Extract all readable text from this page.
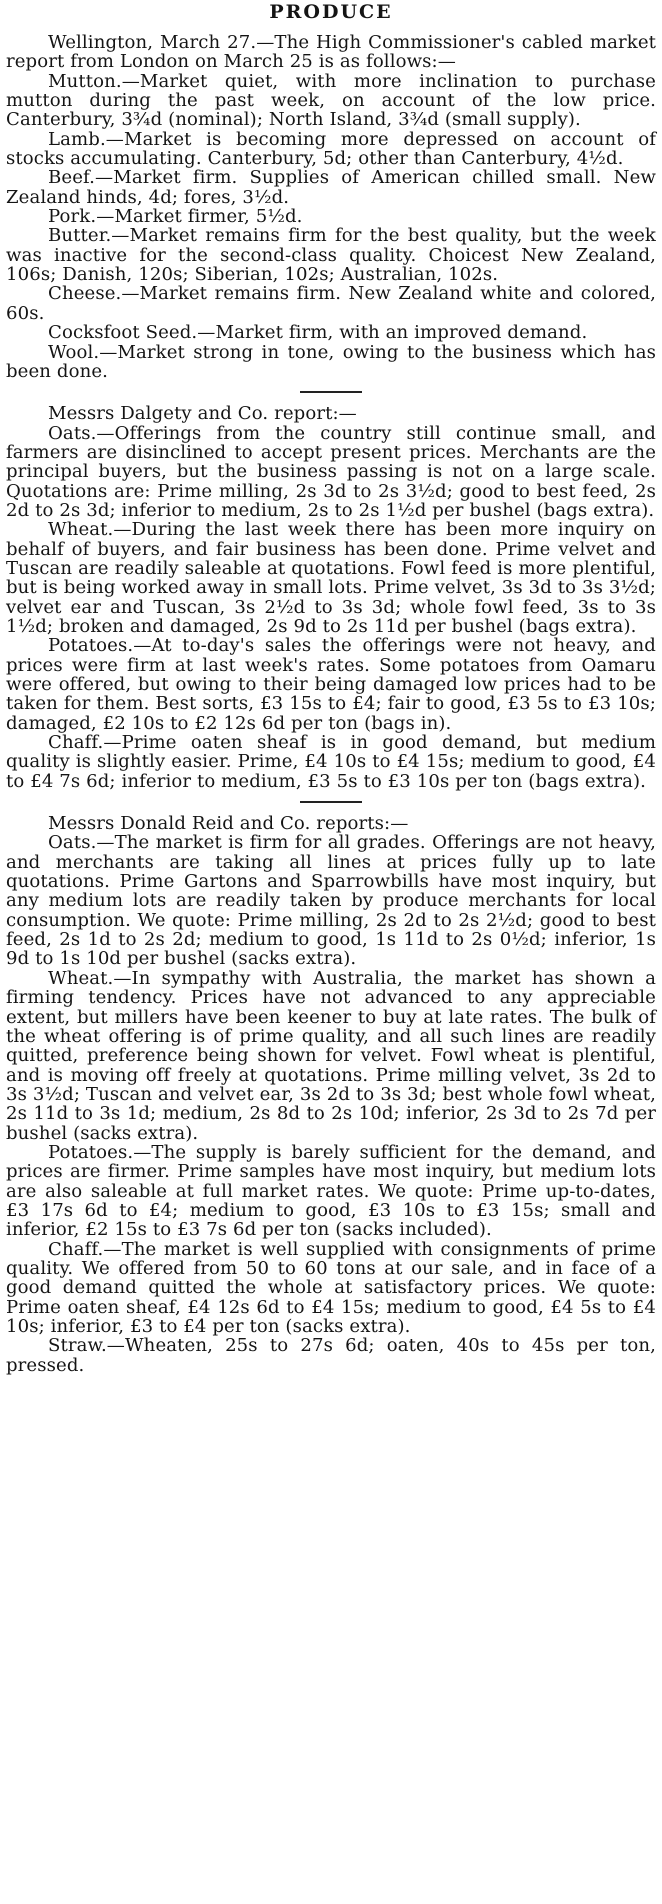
PRODUCE

Wellington, March 27.—The High Commissioner's cabled market report from London on March 25 is as follows:—

Mutton.—Market quiet, with more inclination to purchase mutton during the past week, on account of the low price. Canterbury, 3¾d (nominal); North Island, 3¾d (small supply).

Lamb.—Market is becoming more depressed on account of stocks accumulating. Canterbury, 5d; other than Canterbury, 4½d.

Beef.—Market firm. Supplies of American chilled small. New Zealand hinds, 4d; fores, 3½d.

Pork.—Market firmer, 5½d.

Butter.—Market remains firm for the best quality, but the week was inactive for the second-class quality. Choicest New Zealand, 106s; Danish, 120s; Siberian, 102s; Australian, 102s.

Cheese.—Market remains firm. New Zealand white and colored, 60s.

Cocksfoot Seed.—Market firm, with an improved demand.

Wool.—Market strong in tone, owing to the business which has been done.

Messrs Dalgety and Co. report:—

Oats.—Offerings from the country still continue small, and farmers are disinclined to accept present prices. Merchants are the principal buyers, but the business passing is not on a large scale. Quotations are: Prime milling, 2s 3d to 2s 3½d; good to best feed, 2s 2d to 2s 3d; inferior to medium, 2s to 2s 1½d per bushel (bags extra).

Wheat.—During the last week there has been more inquiry on behalf of buyers, and fair business has been done. Prime velvet and Tuscan are readily saleable at quotations. Fowl feed is more plentiful, but is being worked away in small lots. Prime velvet, 3s 3d to 3s 3½d; velvet ear and Tuscan, 3s 2½d to 3s 3d; whole fowl feed, 3s to 3s 1½d; broken and damaged, 2s 9d to 2s 11d per bushel (bags extra).

Potatoes.—At to-day's sales the offerings were not heavy, and prices were firm at last week's rates. Some potatoes from Oamaru were offered, but owing to their being damaged low prices had to be taken for them. Best sorts, £3 15s to £4; fair to good, £3 5s to £3 10s; damaged, £2 10s to £2 12s 6d per ton (bags in).

Chaff.—Prime oaten sheaf is in good demand, but medium quality is slightly easier. Prime, £4 10s to £4 15s; medium to good, £4 to £4 7s 6d; inferior to medium, £3 5s to £3 10s per ton (bags extra).

Messrs Donald Reid and Co. reports:—

Oats.—The market is firm for all grades. Offerings are not heavy, and merchants are taking all lines at prices fully up to late quotations. Prime Gartons and Sparrowbills have most inquiry, but any medium lots are readily taken by produce merchants for local consumption. We quote: Prime milling, 2s 2d to 2s 2½d; good to best feed, 2s 1d to 2s 2d; medium to good, 1s 11d to 2s 0½d; inferior, 1s 9d to 1s 10d per bushel (sacks extra).

Wheat.—In sympathy with Australia, the market has shown a firming tendency. Prices have not advanced to any appreciable extent, but millers have been keener to buy at late rates. The bulk of the wheat offering is of prime quality, and all such lines are readily quitted, preference being shown for velvet. Fowl wheat is plentiful, and is moving off freely at quotations. Prime milling velvet, 3s 2d to 3s 3½d; Tuscan and velvet ear, 3s 2d to 3s 3d; best whole fowl wheat, 2s 11d to 3s 1d; medium, 2s 8d to 2s 10d; inferior, 2s 3d to 2s 7d per bushel (sacks extra).

Potatoes.—The supply is barely sufficient for the demand, and prices are firmer. Prime samples have most inquiry, but medium lots are also saleable at full market rates. We quote: Prime up-to-dates, £3 17s 6d to £4; medium to good, £3 10s to £3 15s; small and inferior, £2 15s to £3 7s 6d per ton (sacks included).

Chaff.—The market is well supplied with consignments of prime quality. We offered from 50 to 60 tons at our sale, and in face of a good demand quitted the whole at satisfactory prices. We quote: Prime oaten sheaf, £4 12s 6d to £4 15s; medium to good, £4 5s to £4 10s; inferior, £3 to £4 per ton (sacks extra).

Straw.—Wheaten, 25s to 27s 6d; oaten, 40s to 45s per ton, pressed.
